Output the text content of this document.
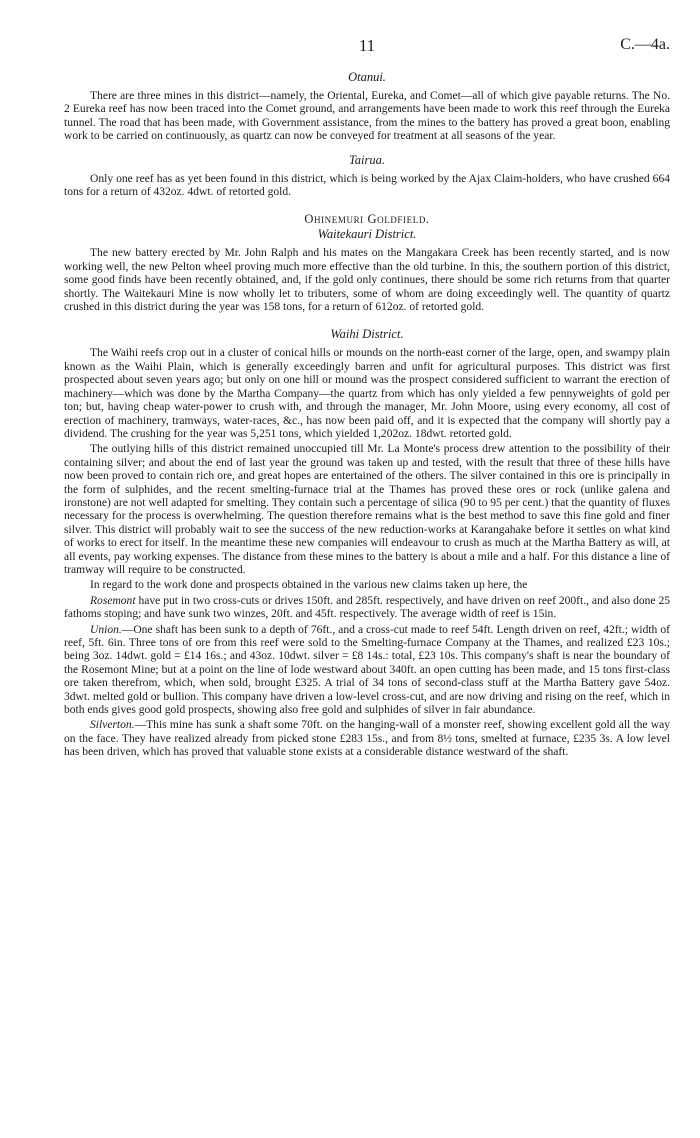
11	C.—4a.
Otanui.

There are three mines in this district—namely, the Oriental, Eureka, and Comet—all of which give payable returns. The No. 2 Eureka reef has now been traced into the Comet ground, and arrangements have been made to work this reef through the Eureka tunnel. The road that has been made, with Government assistance, from the mines to the battery has proved a great boon, enabling work to be carried on continuously, as quartz can now be conveyed for treatment at all seasons of the year.

Tairua.

Only one reef has as yet been found in this district, which is being worked by the Ajax Claim-holders, who have crushed 664 tons for a return of 432oz. 4dwt. of retorted gold.

Ohinemuri Goldfield.
Waitekauri District.

The new battery erected by Mr. John Ralph and his mates on the Mangakara Creek has been recently started, and is now working well, the new Pelton wheel proving much more effective than the old turbine. In this, the southern portion of this district, some good finds have been recently obtained, and, if the gold only continues, there should be some rich returns from that quarter shortly. The Waitekauri Mine is now wholly let to tributers, some of whom are doing exceedingly well. The quantity of quartz crushed in this district during the year was 158 tons, for a return of 612oz. of retorted gold.

Waihi District.

The Waihi reefs crop out in a cluster of conical hills or mounds on the north-east corner of the large, open, and swampy plain known as the Waihi Plain, which is generally exceedingly barren and unfit for agricultural purposes. This district was first prospected about seven years ago; but only on one hill or mound was the prospect considered sufficient to warrant the erection of machinery—which was done by the Martha Company—the quartz from which has only yielded a few pennyweights of gold per ton; but, having cheap water-power to crush with, and through the manager, Mr. John Moore, using every economy, all cost of erection of machinery, tramways, water-races, &c., has now been paid off, and it is expected that the company will shortly pay a dividend. The crushing for the year was 5,251 tons, which yielded 1,202oz. 18dwt. retorted gold.

The outlying hills of this district remained unoccupied till Mr. La Monte's process drew attention to the possibility of their containing silver; and about the end of last year the ground was taken up and tested, with the result that three of these hills have now been proved to contain rich ore, and great hopes are entertained of the others. The silver contained in this ore is principally in the form of sulphides, and the recent smelting-furnace trial at the Thames has proved these ores or rock (unlike galena and ironstone) are not well adapted for smelting. They contain such a percentage of silica (90 to 95 per cent.) that the quantity of fluxes necessary for the process is overwhelming. The question therefore remains what is the best method to save this fine gold and finer silver. This district will probably wait to see the success of the new reduction-works at Karangahake before it settles on what kind of works to erect for itself. In the meantime these new companies will endeavour to crush as much at the Martha Battery as will, at all events, pay working expenses. The distance from these mines to the battery is about a mile and a half. For this distance a line of tramway will require to be constructed.

In regard to the work done and prospects obtained in the various new claims taken up here, the

Rosemont have put in two cross-cuts or drives 150ft. and 285ft. respectively, and have driven on reef 200ft., and also done 25 fathoms stoping; and have sunk two winzes, 20ft. and 45ft. respectively. The average width of reef is 15in.

Union.—One shaft has been sunk to a depth of 76ft., and a cross-cut made to reef 54ft. Length driven on reef, 42ft.; width of reef, 5ft. 6in. Three tons of ore from this reef were sold to the Smelting-furnace Company at the Thames, and realized £23 10s.; being 3oz. 14dwt. gold = £14 16s.; and 43oz. 10dwt. silver = £8 14s.: total, £23 10s. This company's shaft is near the boundary of the Rosemont Mine; but at a point on the line of lode westward about 340ft. an open cutting has been made, and 15 tons first-class ore taken therefrom, which, when sold, brought £325. A trial of 34 tons of second-class stuff at the Martha Battery gave 54oz. 3dwt. melted gold or bullion. This company have driven a low-level cross-cut, and are now driving and rising on the reef, which in both ends gives good gold prospects, showing also free gold and sulphides of silver in fair abundance.

Silverton.—This mine has sunk a shaft some 70ft. on the hanging-wall of a monster reef, showing excellent gold all the way on the face. They have realized already from picked stone £283 15s., and from 8½ tons, smelted at furnace, £235 3s. A low level has been driven, which has proved that valuable stone exists at a considerable distance westward of the shaft.
